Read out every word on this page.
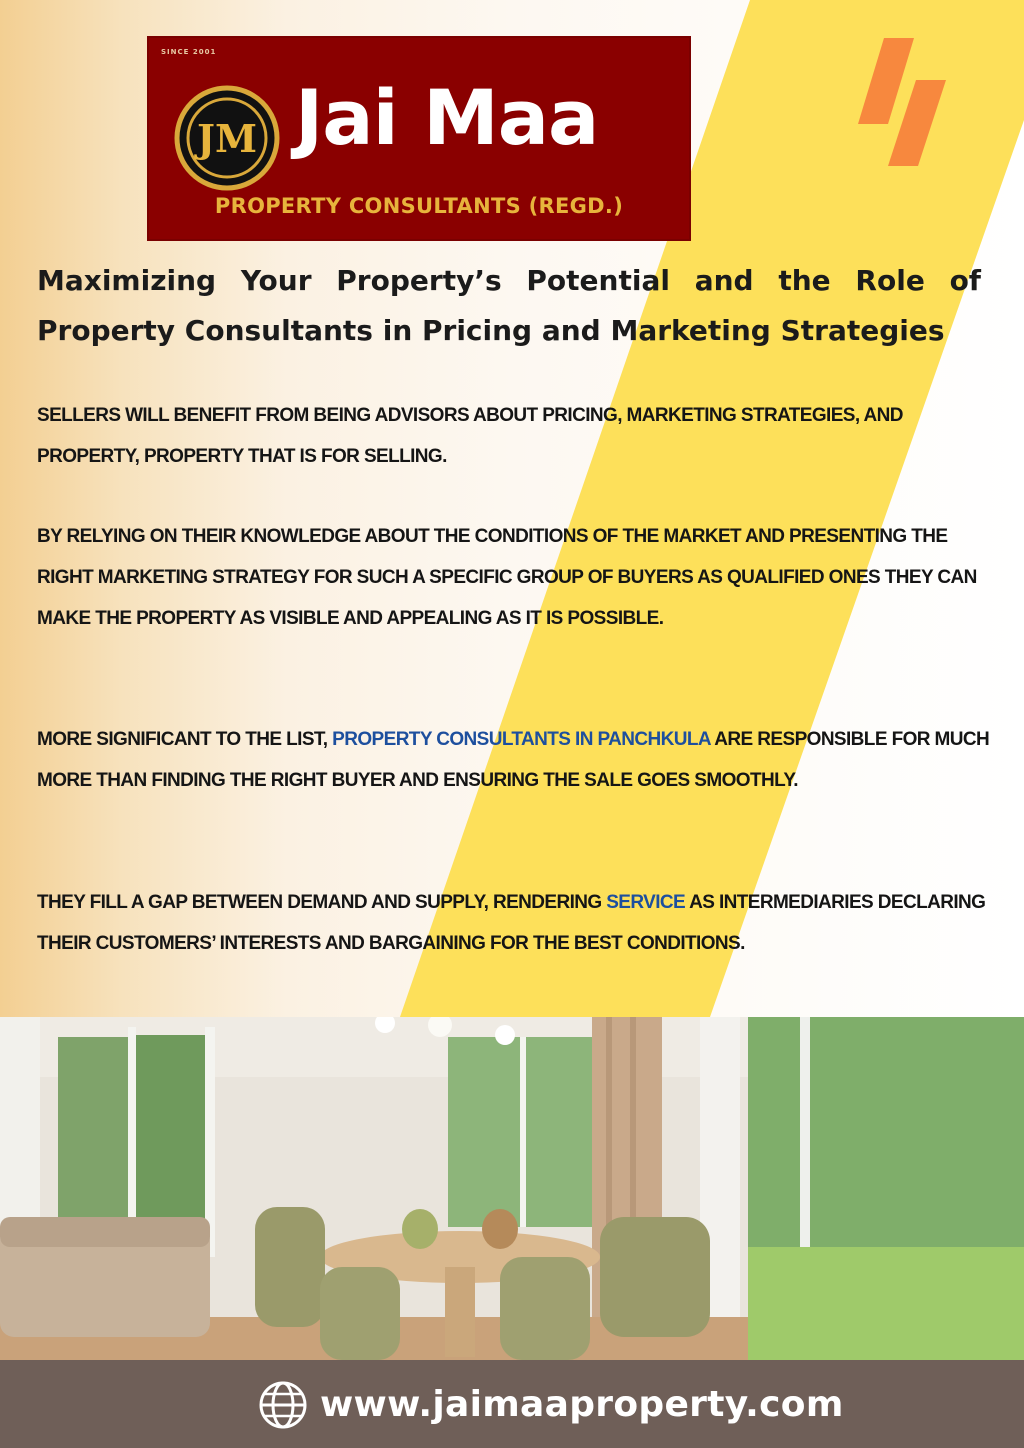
SINCE 2001
JM Jai Maa
PROPERTY CONSULTANTS (REGD.)
Maximizing Your Property’s Potential and the Role of Property Consultants in Pricing and Marketing Strategies

SELLERS WILL BENEFIT FROM BEING ADVISORS ABOUT PRICING, MARKETING STRATEGIES, AND PROPERTY, PROPERTY THAT IS FOR SELLING.

BY RELYING ON THEIR KNOWLEDGE ABOUT THE CONDITIONS OF THE MARKET AND PRESENTING THE RIGHT MARKETING STRATEGY FOR SUCH A SPECIFIC GROUP OF BUYERS AS QUALIFIED ONES THEY CAN MAKE THE PROPERTY AS VISIBLE AND APPEALING AS IT IS POSSIBLE.

MORE SIGNIFICANT TO THE LIST, PROPERTY CONSULTANTS IN PANCHKULA ARE RESPONSIBLE FOR MUCH MORE THAN FINDING THE RIGHT BUYER AND ENSURING THE SALE GOES SMOOTHLY.

THEY FILL A GAP BETWEEN DEMAND AND SUPPLY, RENDERING SERVICE AS INTERMEDIARIES DECLARING THEIR CUSTOMERS’ INTERESTS AND BARGAINING FOR THE BEST CONDITIONS.

www.jaimaaproperty.com
